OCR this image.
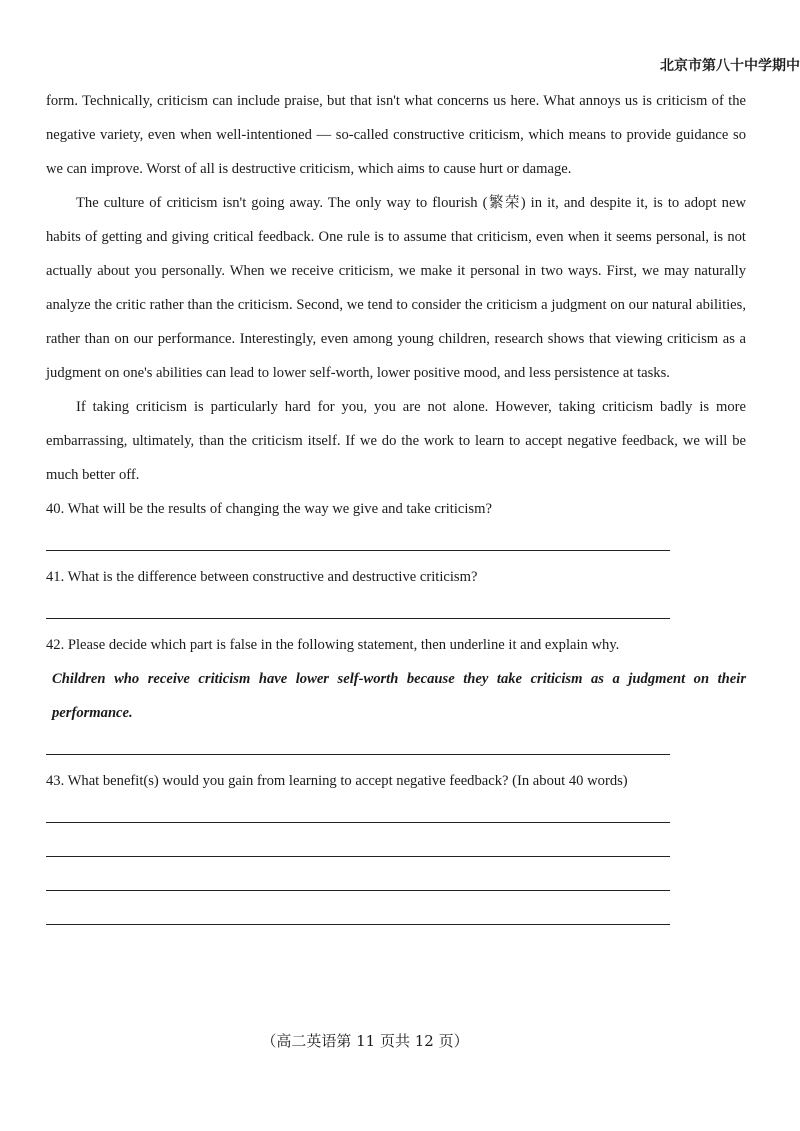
北京市第八十中学期中

form. Technically, criticism can include praise, but that isn't what concerns us here. What annoys us is criticism of the negative variety, even when well-intentioned — so-called constructive criticism, which means to provide guidance so we can improve. Worst of all is destructive criticism, which aims to cause hurt or damage.

The culture of criticism isn't going away. The only way to flourish (繁荣) in it, and despite it, is to adopt new habits of getting and giving critical feedback. One rule is to assume that criticism, even when it seems personal, is not actually about you personally. When we receive criticism, we make it personal in two ways. First, we may naturally analyze the critic rather than the criticism. Second, we tend to consider the criticism a judgment on our natural abilities, rather than on our performance. Interestingly, even among young children, research shows that viewing criticism as a judgment on one's abilities can lead to lower self-worth, lower positive mood, and less persistence at tasks.

If taking criticism is particularly hard for you, you are not alone. However, taking criticism badly is more embarrassing, ultimately, than the criticism itself. If we do the work to learn to accept negative feedback, we will be much better off.

40. What will be the results of changing the way we give and take criticism?
41. What is the difference between constructive and destructive criticism?
42. Please decide which part is false in the following statement, then underline it and explain why.
Children who receive criticism have lower self-worth because they take criticism as a judgment on their performance.
43. What benefit(s) would you gain from learning to accept negative feedback? (In about 40 words)
（高二英语第 11 页共 12 页）
